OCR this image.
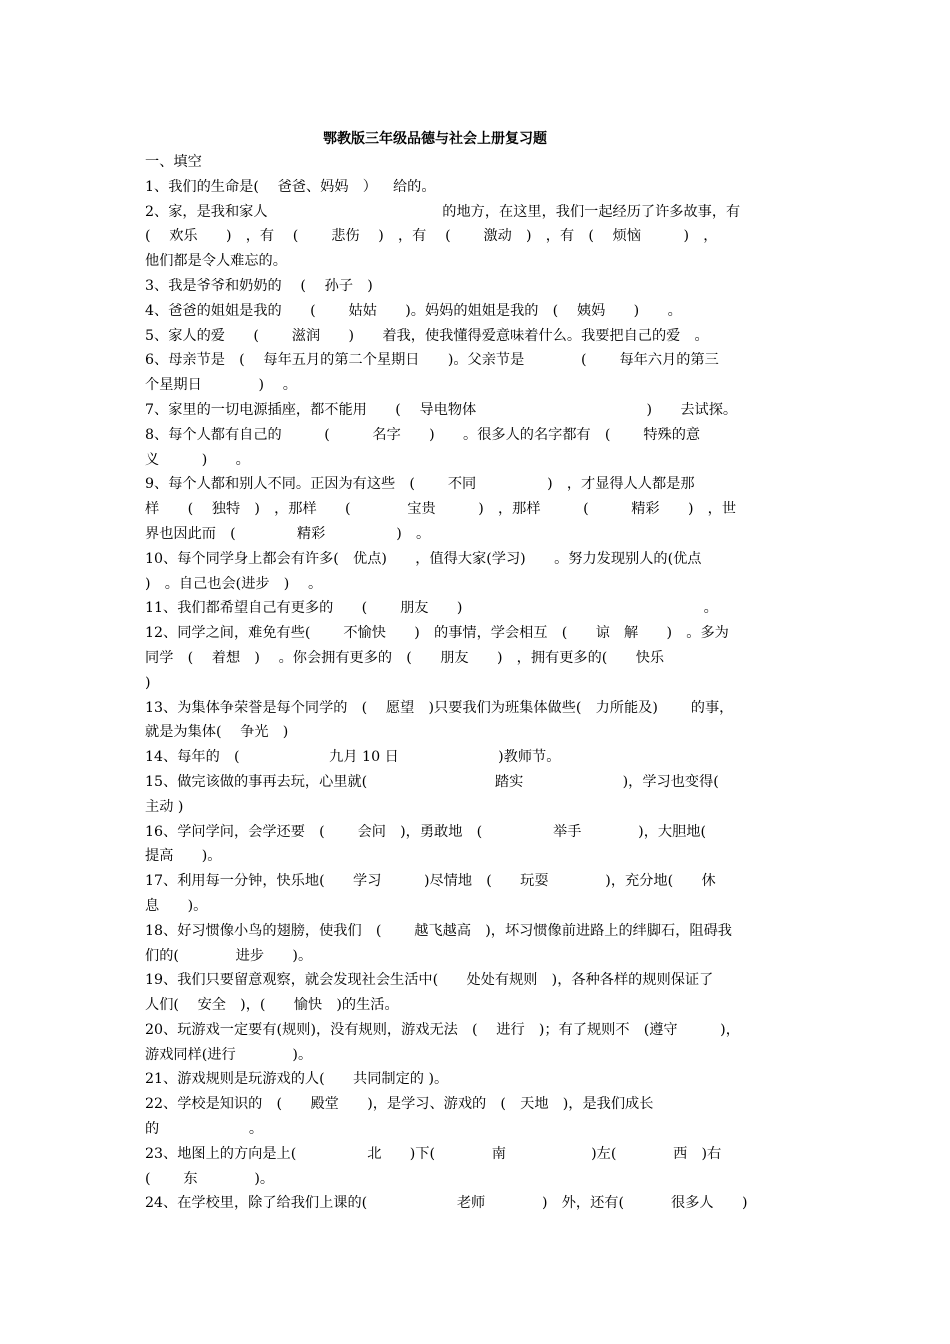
鄂教版三年级品德与社会上册复习题
一、填空
1、我们的生命是(　 爸爸、妈妈　）　  给的。
2、家，是我和家人　　　　　　　　　　　　 的地方，在这里，我们一起经历了许多故事，有
(　 欢乐　　)　，有　 (　　 悲伤　 )　，有　 (　　 激动　)　，有　(　 烦恼　　　)　，
他们都是令人难忘的。
3、我是爷爷和奶奶的　 (　 孙子　)
4、爸爸的姐姐是我的　　(　　 姑姑　　)。妈妈的姐姐是我的　(　 姨妈　　)　　。
5、家人的爱　　(　　 滋润　　)　　着我，使我懂得爱意味着什么。我要把自己的爱　。
6、母亲节是　(　 每年五月的第二个星期日　　)。父亲节是　　　　(　　 每年六月的第三
个星期日　　　　)　 。
7、家里的一切电源插座，都不能用　　(　 导电物体　　　　　　　　　　　　)　　去试探。
8、每个人都有自己的　　　(　　　名字　　)　　。很多人的名字都有　(　　 特殊的意
义　　　)　　。
9、每个人都和别人不同。正因为有这些　(　　 不同　　　　　)　，才显得人人都是那
样　　(　 独特　)　，那样　　(　　　　宝贵　　　)　，那样　　　(　　　精彩　　)　，世
界也因此而　(　　　　 精彩　　　　　)　。
10、每个同学身上都会有许多(　优点)　　，值得大家(学习)　　。努力发现别人的(优点
)　。自己也会(进步　)　 。
11、我们都希望自己有更多的　　(　　 朋友　　)　　　　　　　　　　　　　　　　　。
12、同学之间，难免有些(　　 不愉快　　)　的事情，学会相互　(　　谅　解　　)　。多为
同学　(　 着想　)　 。你会拥有更多的　(　　朋友　　)　，拥有更多的(　　快乐　
)
13、为集体争荣誉是每个同学的　(　 愿望　)只要我们为班集体做些(　力所能及)　　 的事，
就是为集体(　 争光　)
14、每年的　(　　　　　　 九月 10 日　　　　　　　)教师节。
15、做完该做的事再去玩，心里就(　　　　　　　　　踏实　　　　　　　)，学习也变得(
主动 )
16、学问学问，会学还要　(　　 会问　)，勇敢地　(　　　　　举手　　　　)，大胆地(
提高　　)。
17、利用每一分钟，快乐地(　　学习　　　)尽情地　(　　玩耍　　　　)，充分地(　　休
息　　)。
18、好习惯像小鸟的翅膀，使我们　(　　 越飞越高　)，坏习惯像前进路上的绊脚石，阻碍我
们的(　　　　进步　　)。
19、我们只要留意观察，就会发现社会生活中(　　处处有规则　)，各种各样的规则保证了
人们(　 安全　)，(　　愉快　)的生活。
20、玩游戏一定要有(规则)，没有规则，游戏无法　(　 进行　)；有了规则不　(遵守　　　)，
游戏同样(进行　　　　)。
21、游戏规则是玩游戏的人(　　共同制定的 )。
22、学校是知识的　(　　殿堂　　)，是学习、游戏的　(　天地　)，是我们成长
的　　　　　　 。
23、地图上的方向是上(　　　　　北　　)下(　　　　南　　　　　　)左(　　　　西　)右
(　　 东　　　　)。
24、在学校里，除了给我们上课的(　　　　　　 老师　　　　)　外，还有(　　　 很多人　　)
